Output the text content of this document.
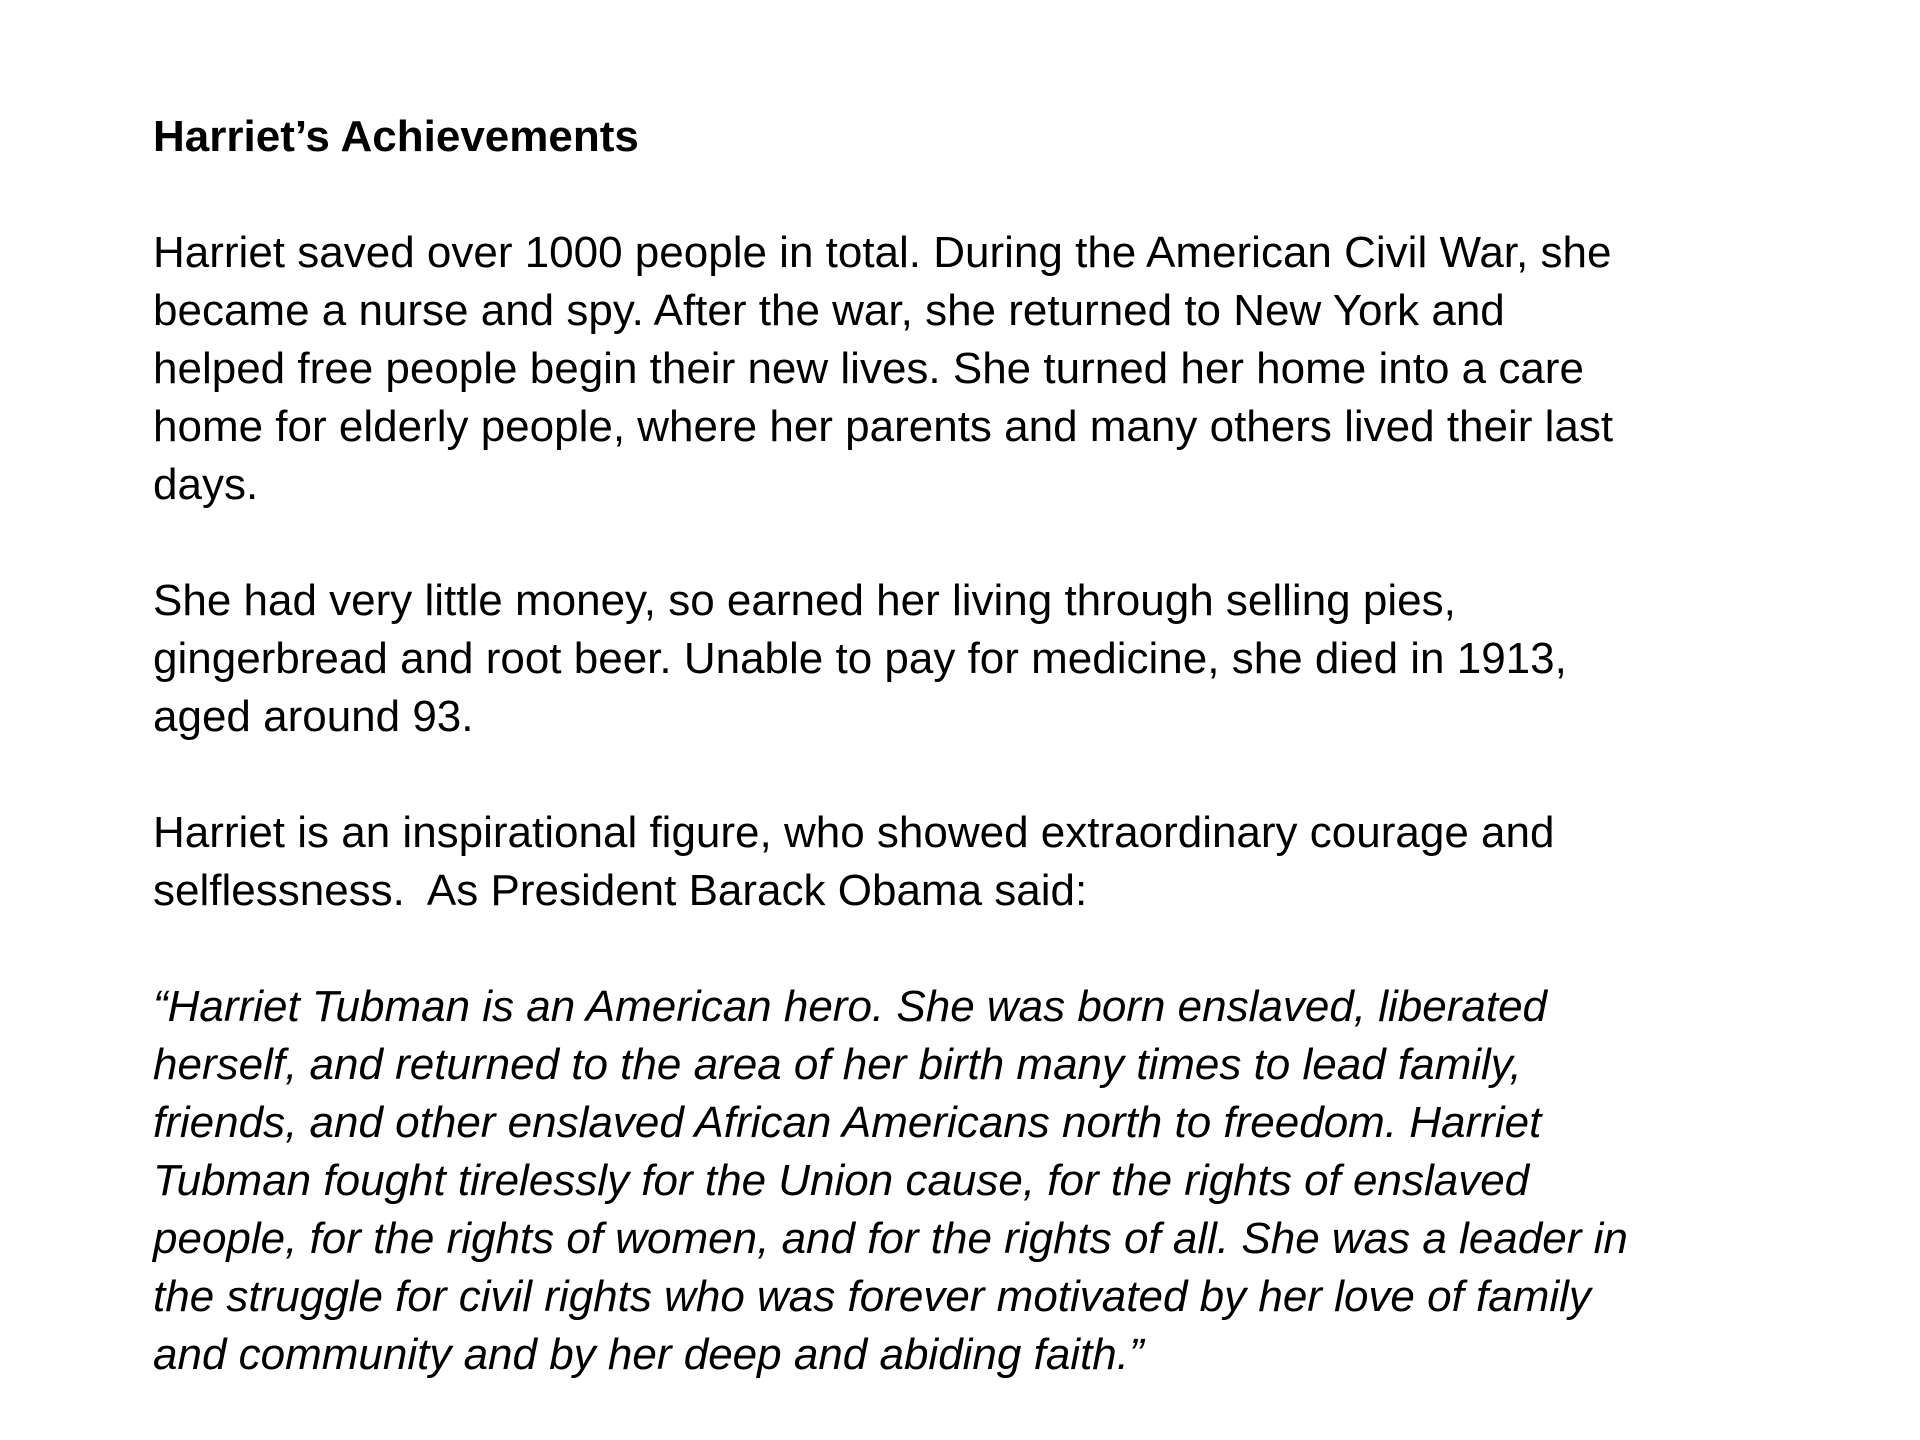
Harriet’s Achievements

Harriet saved over 1000 people in total. During the American Civil War, she
became a nurse and spy. After the war, she returned to New York and
helped free people begin their new lives. She turned her home into a care
home for elderly people, where her parents and many others lived their last
days.

She had very little money, so earned her living through selling pies,
gingerbread and root beer. Unable to pay for medicine, she died in 1913,
aged around 93.

Harriet is an inspirational figure, who showed extraordinary courage and
selflessness.  As President Barack Obama said:

“Harriet Tubman is an American hero. She was born enslaved, liberated
herself, and returned to the area of her birth many times to lead family,
friends, and other enslaved African Americans north to freedom. Harriet
Tubman fought tirelessly for the Union cause, for the rights of enslaved
people, for the rights of women, and for the rights of all. She was a leader in
the struggle for civil rights who was forever motivated by her love of family
and community and by her deep and abiding faith.”
